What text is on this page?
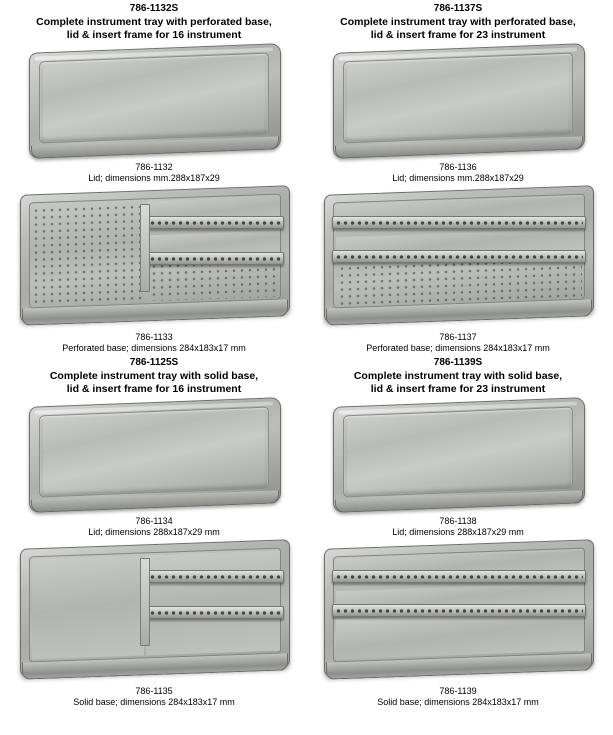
786-1132S
Complete instrument tray with perforated base,
lid & insert frame for 16 instrument
786-1132
Lid; dimensions mm.288x187x29
786-1133
Perforated base; dimensions 284x183x17 mm
786-1125S
Complete instrument tray with solid base,
lid & insert frame for 16 instrument
786-1134
Lid; dimensions 288x187x29 mm
786-1135
Solid base; dimensions 284x183x17 mm
786-1137S
Complete instrument tray with perforated base,
lid & insert frame for 23 instrument
786-1136
Lid; dimensions mm.288x187x29
786-1137
Perforated base; dimensions 284x183x17 mm
786-1139S
Complete instrument tray with solid base,
lid & insert frame for 23 instrument
786-1138
Lid; dimensions 288x187x29 mm
786-1139
Solid base; dimensions 284x183x17 mm
